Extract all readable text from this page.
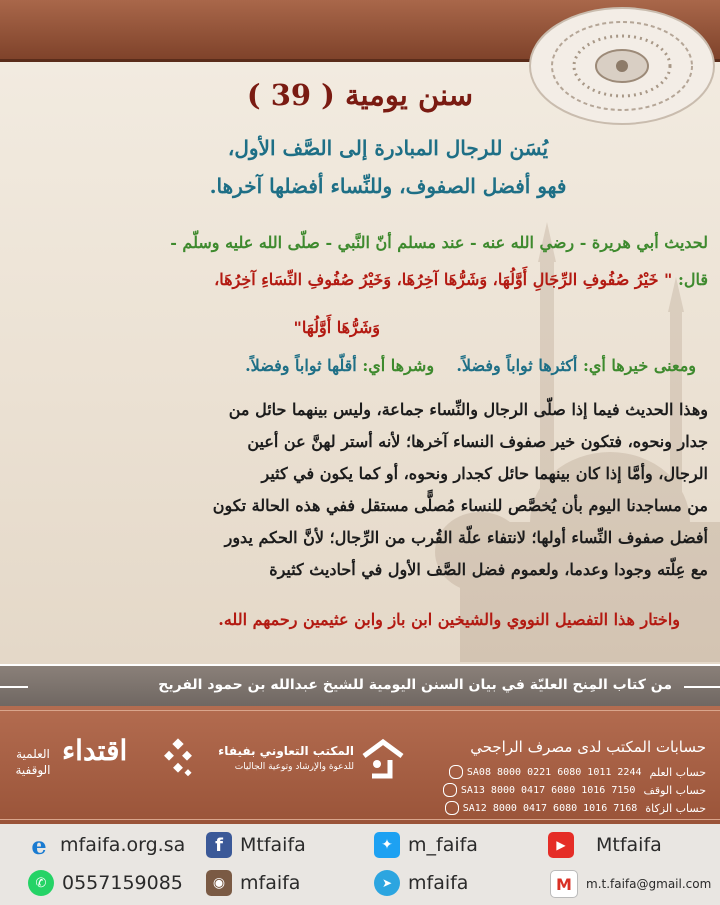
سنن يومية ( 39 )
يُسَن للرجال المبادرة إلى الصَّف الأول،
فهو أفضل الصفوف، وللنِّساء أفضلها آخرها.
لحديث أبي هريرة - رضي الله عنه - عند مسلم أنّ النَّبي - صلّى الله عليه وسلّم -
قال: " خَيْرُ صُفُوفِ الرِّجَالِ أَوَّلُهَا، وَشَرُّهَا آخِرُهَا، وَخَيْرُ صُفُوفِ النِّسَاءِ آخِرُهَا،
وَشَرُّهَا أَوَّلُهَا"
ومعنى خيرها أي: أكثرها ثواباً وفضلاً.    وشرها أي: أقلّها ثواباً وفضلاً.
وهذا الحديث فيما إذا صلّى الرجال والنِّساء جماعة، وليس بينهما حائل من
جدار ونحوه، فتكون خير صفوف النساء آخرها؛ لأنه أستر لهنَّ عن أعين
الرجال، وأمَّا إذا كان بينهما حائل كجدار ونحوه، أو كما يكون في كثير
من مساجدنا اليوم بأن يُخصَّص للنساء مُصلًّى مستقل ففي هذه الحالة تكون
أفضل صفوف النِّساء أولها؛ لانتفاء علّة القُرب من الرِّجال؛ لأنَّ الحكم يدور
مع عِلّته وجودا وعدما، ولعموم فضل الصَّف الأول في أحاديث كثيرة
واختار هذا التفصيل النووي والشيخين ابن باز وابن عثيمين رحمهم الله.
من كتاب المِنح العليّة في بيان السنن اليومية للشيخ عبدالله بن حمود الفريح
العلمية
الوقفية
اقتداء	المكتب التعاوني بفيفاء
للدعوة والإرشاد وتوعية الجاليات
حسابات المكتب لدى مصرف الراجحي
SA08 8000 0221 6080 1011 2244 حساب العلم
SA13 8000 0417 6080 1016 7150 حساب الوقف
SA12 8000 0417 6080 1016 7168 حساب الزكاة
e mfaifa.org.sa	f Mtfaifa	✦ m_faifa	▶	Mtfaifa
✆ 0557159085	◉ mfaifa	➤ mfaifa	M	m.t.faifa@gmail.com
